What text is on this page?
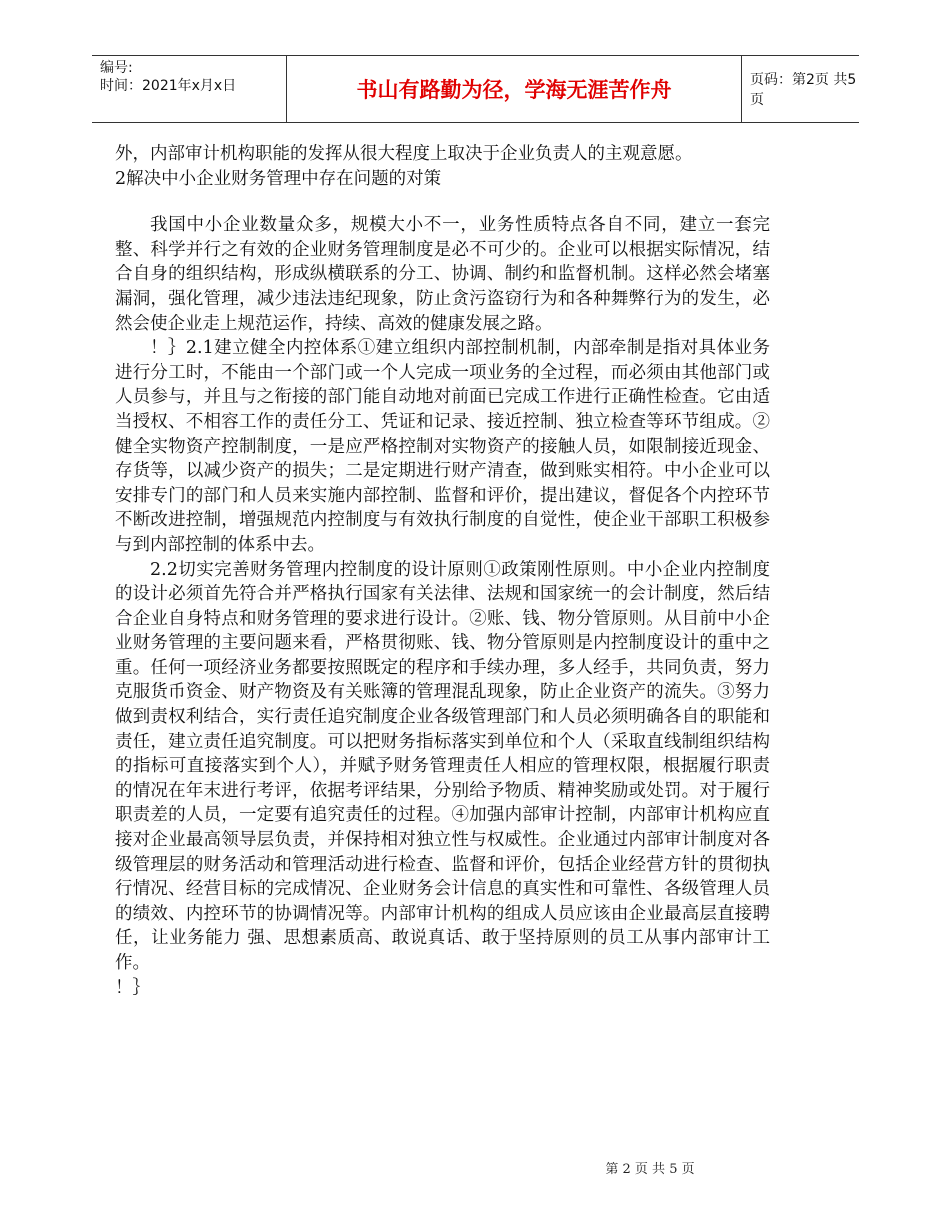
编号:
时间：2021年x月x日	书山有路勤为径，学海无涯苦作舟	页码：第2页 共5页

外，内部审计机构职能的发挥从很大程度上取决于企业负责人的主观意愿。

2解决中小企业财务管理中存在问题的对策

我国中小企业数量众多，规模大小不一，业务性质特点各自不同，建立一套完整、科学并行之有效的企业财务管理制度是必不可少的。企业可以根据实际情况，结合自身的组织结构，形成纵横联系的分工、协调、制约和监督机制。这样必然会堵塞漏洞，强化管理，减少违法违纪现象，防止贪污盗窃行为和各种舞弊行为的发生，必然会使企业走上规范运作，持续、高效的健康发展之路。

！｝2.1建立健全内控体系①建立组织内部控制机制，内部牵制是指对具体业务进行分工时，不能由一个部门或一个人完成一项业务的全过程，而必须由其他部门或人员参与，并且与之衔接的部门能自动地对前面已完成工作进行正确性检查。它由适当授权、不相容工作的责任分工、凭证和记录、接近控制、独立检查等环节组成。②健全实物资产控制制度，一是应严格控制对实物资产的接触人员，如限制接近现金、存货等，以减少资产的损失；二是定期进行财产清查，做到账实相符。中小企业可以安排专门的部门和人员来实施内部控制、监督和评价，提出建议，督促各个内控环节不断改进控制，增强规范内控制度与有效执行制度的自觉性，使企业干部职工积极参与到内部控制的体系中去。

2.2切实完善财务管理内控制度的设计原则①政策刚性原则。中小企业内控制度的设计必须首先符合并严格执行国家有关法律、法规和国家统一的会计制度，然后结合企业自身特点和财务管理的要求进行设计。②账、钱、物分管原则。从目前中小企业财务管理的主要问题来看，严格贯彻账、钱、物分管原则是内控制度设计的重中之重。任何一项经济业务都要按照既定的程序和手续办理，多人经手，共同负责，努力克服货币资金、财产物资及有关账簿的管理混乱现象，防止企业资产的流失。③努力做到责权利结合，实行责任追究制度企业各级管理部门和人员必须明确各自的职能和责任，建立责任追究制度。可以把财务指标落实到单位和个人（采取直线制组织结构的指标可直接落实到个人），并赋予财务管理责任人相应的管理权限，根据履行职责的情况在年末进行考评，依据考评结果，分别给予物质、精神奖励或处罚。对于履行职责差的人员，一定要有追究责任的过程。④加强内部审计控制，内部审计机构应直接对企业最高领导层负责，并保持相对独立性与权威性。企业通过内部审计制度对各级管理层的财务活动和管理活动进行检查、监督和评价，包括企业经营方针的贯彻执行情况、经营目标的完成情况、企业财务会计信息的真实性和可靠性、各级管理人员的绩效、内控环节的协调情况等。内部审计机构的组成人员应该由企业最高层直接聘任，让业务能力 强、思想素质高、敢说真话、敢于坚持原则的员工从事内部审计工作。

！｝

第 2 页 共 5 页
